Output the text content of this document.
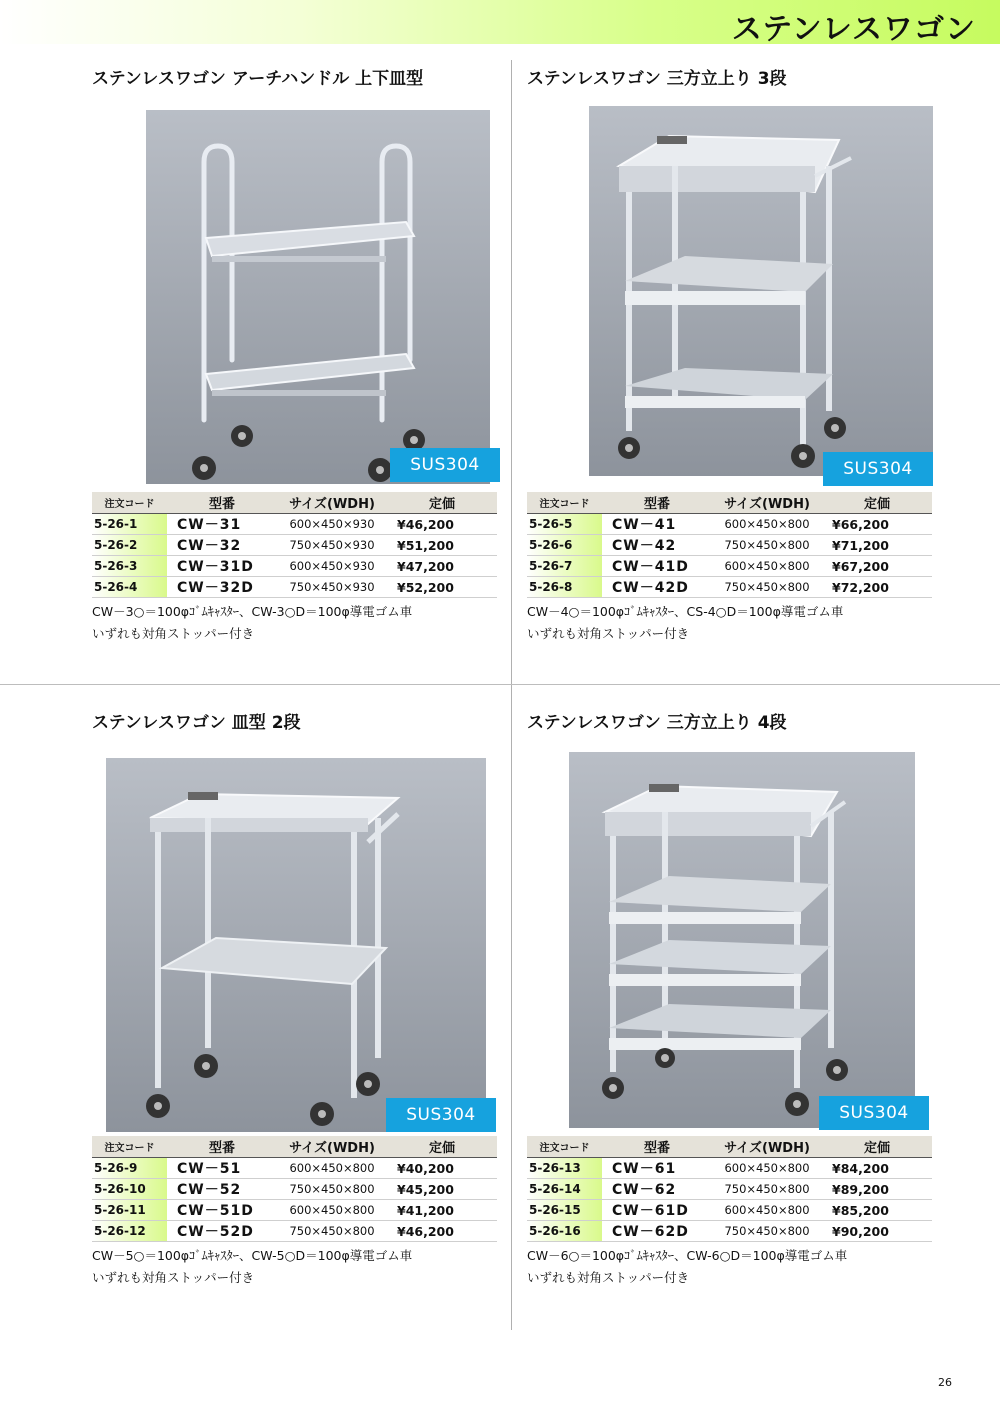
ステンレスワゴン
ステンレスワゴン アーチハンドル 上下皿型
SUS304
注文コード	型番	サイズ(WDH)	定価
5-26-1	CW－31	600×450×930	¥46,200
5-26-2	CW－32	750×450×930	¥51,200
5-26-3	CW－31D	600×450×930	¥47,200
5-26-4	CW－32D	750×450×930	¥52,200
CW－3○＝100φｺﾞﾑｷｬｽﾀｰ、CW-3○D＝100φ導電ゴム車
いずれも対角ストッパー付き
ステンレスワゴン 三方立上り 3段
SUS304
注文コード	型番	サイズ(WDH)	定価
5-26-5	CW－41	600×450×800	¥66,200
5-26-6	CW－42	750×450×800	¥71,200
5-26-7	CW－41D	600×450×800	¥67,200
5-26-8	CW－42D	750×450×800	¥72,200
CW－4○＝100φｺﾞﾑｷｬｽﾀｰ、CS-4○D＝100φ導電ゴム車
いずれも対角ストッパー付き
ステンレスワゴン 皿型 2段
SUS304
注文コード	型番	サイズ(WDH)	定価
5-26-9	CW－51	600×450×800	¥40,200
5-26-10	CW－52	750×450×800	¥45,200
5-26-11	CW－51D	600×450×800	¥41,200
5-26-12	CW－52D	750×450×800	¥46,200
CW－5○＝100φｺﾞﾑｷｬｽﾀｰ、CW-5○D＝100φ導電ゴム車
いずれも対角ストッパー付き
ステンレスワゴン 三方立上り 4段
SUS304
注文コード	型番	サイズ(WDH)	定価
5-26-13	CW－61	600×450×800	¥84,200
5-26-14	CW－62	750×450×800	¥89,200
5-26-15	CW－61D	600×450×800	¥85,200
5-26-16	CW－62D	750×450×800	¥90,200
CW－6○＝100φｺﾞﾑｷｬｽﾀｰ、CW-6○D＝100φ導電ゴム車
いずれも対角ストッパー付き
26
